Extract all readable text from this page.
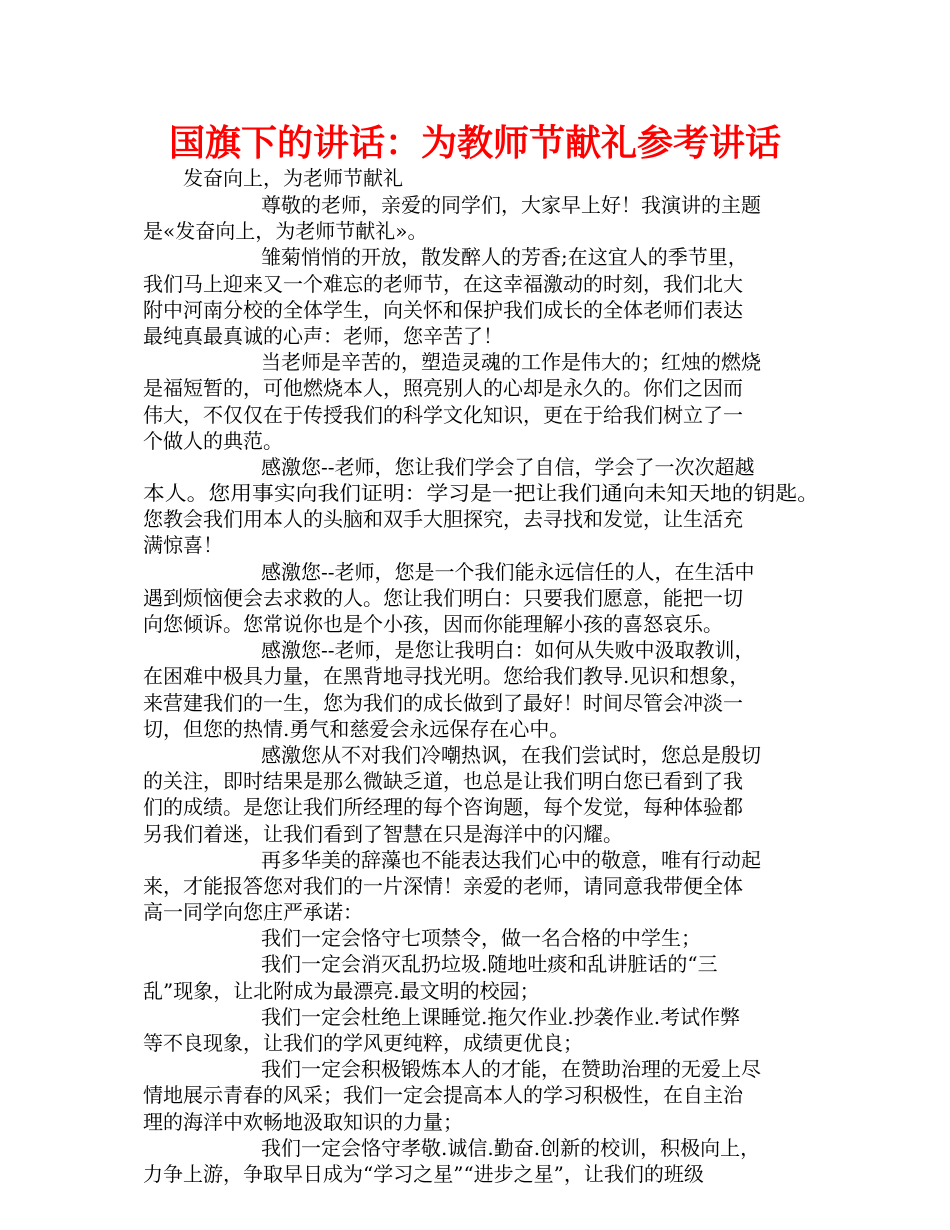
国旗下的讲话：为教师节献礼参考讲话

发奋向上，为老师节献礼

尊敬的老师，亲爱的同学们，大家早上好！我演讲的主题
是«发奋向上，为老师节献礼»。
雏菊悄悄的开放，散发醉人的芳香;在这宜人的季节里，
我们马上迎来又一个难忘的老师节，在这幸福激动的时刻，我们北大
附中河南分校的全体学生，向关怀和保护我们成长的全体老师们表达
最纯真最真诚的心声：老师，您辛苦了！
当老师是辛苦的，塑造灵魂的工作是伟大的；红烛的燃烧
是福短暂的，可他燃烧本人，照亮别人的心却是永久的。你们之因而
伟大，不仅仅在于传授我们的科学文化知识，更在于给我们树立了一
个做人的典范。
感激您--老师，您让我们学会了自信，学会了一次次超越
本人。您用事实向我们证明：学习是一把让我们通向未知天地的钥匙。
您教会我们用本人的头脑和双手大胆探究，去寻找和发觉，让生活充
满惊喜！
感激您--老师，您是一个我们能永远信任的人，在生活中
遇到烦恼便会去求救的人。您让我们明白：只要我们愿意，能把一切
向您倾诉。您常说你也是个小孩，因而你能理解小孩的喜怒哀乐。
感激您--老师，是您让我明白：如何从失败中汲取教训，
在困难中极具力量，在黑背地寻找光明。您给我们教导.见识和想象，
来营建我们的一生，您为我们的成长做到了最好！时间尽管会冲淡一
切，但您的热情.勇气和慈爱会永远保存在心中。
感激您从不对我们冷嘲热讽，在我们尝试时，您总是殷切
的关注，即时结果是那么微缺乏道，也总是让我们明白您已看到了我
们的成绩。是您让我们所经理的每个咨询题，每个发觉，每种体验都
另我们着迷，让我们看到了智慧在只是海洋中的闪耀。
再多华美的辞藻也不能表达我们心中的敬意，唯有行动起
来，才能报答您对我们的一片深情！亲爱的老师，请同意我带便全体
高一同学向您庄严承诺：
我们一定会恪守七项禁令，做一名合格的中学生；
我们一定会消灭乱扔垃圾.随地吐痰和乱讲脏话的“三
乱”现象，让北附成为最漂亮.最文明的校园；
我们一定会杜绝上课睡觉.拖欠作业.抄袭作业.考试作弊
等不良现象，让我们的学风更纯粹，成绩更优良；
我们一定会积极锻炼本人的才能，在赞助治理的无爱上尽
情地展示青春的风采；我们一定会提高本人的学习积极性，在自主治
理的海洋中欢畅地汲取知识的力量；
我们一定会恪守孝敬.诚信.勤奋.创新的校训，积极向上，
力争上游，争取早日成为“学习之星”“进步之星”，让我们的班级
